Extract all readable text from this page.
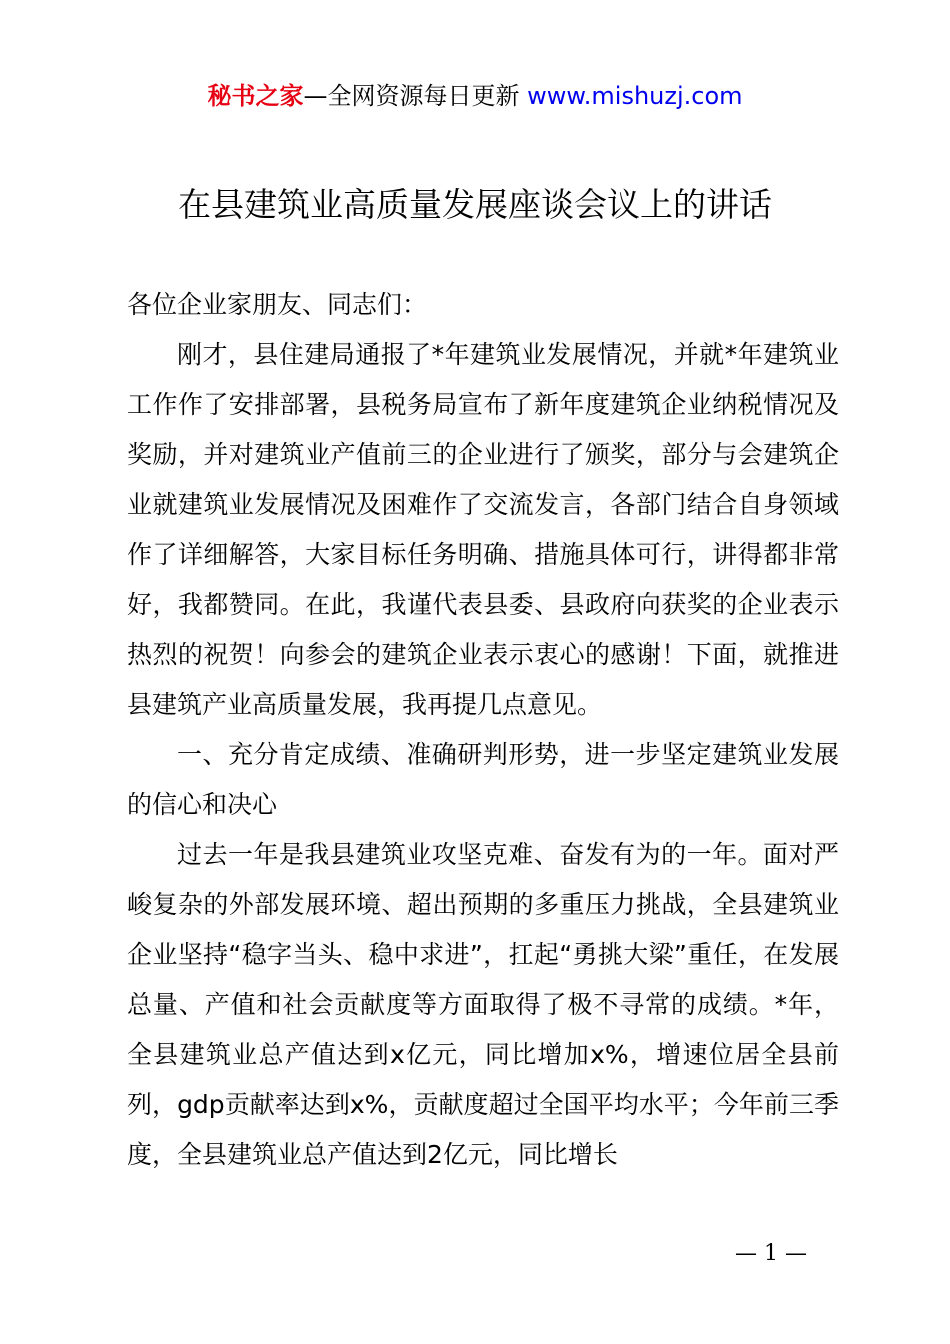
秘书之家—全网资源每日更新 www.mishuzj.com
在县建筑业高质量发展座谈会议上的讲话

各位企业家朋友、同志们：

刚才，县住建局通报了*年建筑业发展情况，并就*年建筑业工作作了安排部署，县税务局宣布了新年度建筑企业纳税情况及奖励，并对建筑业产值前三的企业进行了颁奖，部分与会建筑企业就建筑业发展情况及困难作了交流发言，各部门结合自身领域作了详细解答，大家目标任务明确、措施具体可行，讲得都非常好，我都赞同。在此，我谨代表县委、县政府向获奖的企业表示热烈的祝贺！向参会的建筑企业表示衷心的感谢！下面，就推进县建筑产业高质量发展，我再提几点意见。

一、充分肯定成绩、准确研判形势，进一步坚定建筑业发展的信心和决心

过去一年是我县建筑业攻坚克难、奋发有为的一年。面对严峻复杂的外部发展环境、超出预期的多重压力挑战，全县建筑业企业坚持“稳字当头、稳中求进”，扛起“勇挑大梁”重任，在发展总量、产值和社会贡献度等方面取得了极不寻常的成绩。*年，全县建筑业总产值达到x亿元，同比增加x%，增速位居全县前列，gdp贡献率达到x%，贡献度超过全国平均水平；今年前三季度，全县建筑业总产值达到2亿元，同比增长

— 1 —
